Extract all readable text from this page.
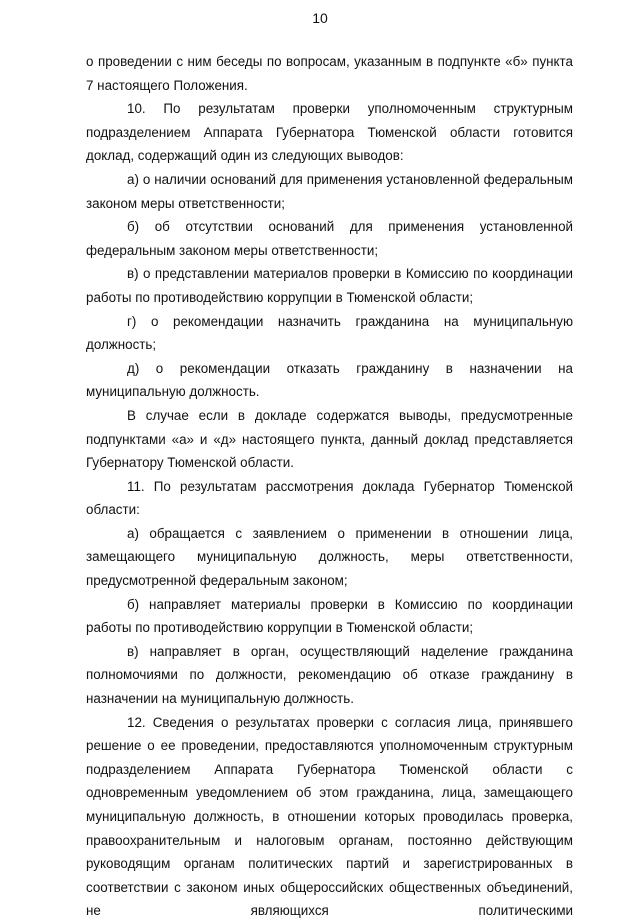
10

о проведении с ним беседы по вопросам, указанным в подпункте «б» пункта 7 настоящего Положения.

10. По результатам проверки уполномоченным структурным подразделением Аппарата Губернатора Тюменской области готовится доклад, содержащий один из следующих выводов:

а) о наличии оснований для применения установленной федеральным законом меры ответственности;

б) об отсутствии оснований для применения установленной федеральным законом меры ответственности;

в) о представлении материалов проверки в Комиссию по координации работы по противодействию коррупции в Тюменской области;

г) о рекомендации назначить гражданина на муниципальную должность;

д) о рекомендации отказать гражданину в назначении на муниципальную должность.

В случае если в докладе содержатся выводы, предусмотренные подпунктами «а» и «д» настоящего пункта, данный доклад представляется Губернатору Тюменской области.

11. По результатам рассмотрения доклада Губернатор Тюменской области:

а) обращается с заявлением о применении в отношении лица, замещающего муниципальную должность, меры ответственности, предусмотренной федеральным законом;

б) направляет материалы проверки в Комиссию по координации работы по противодействию коррупции в Тюменской области;

в) направляет в орган, осуществляющий наделение гражданина полномочиями по должности, рекомендацию об отказе гражданину в назначении на муниципальную должность.

12. Сведения о результатах проверки с согласия лица, принявшего решение о ее проведении, предоставляются уполномоченным структурным подразделением Аппарата Губернатора Тюменской области с одновременным уведомлением об этом гражданина, лица, замещающего муниципальную должность, в отношении которых проводилась проверка, правоохранительным и налоговым органам, постоянно действующим руководящим органам политических партий и зарегистрированных в соответствии с законом иных общероссийских общественных объединений, не являющихся политическими
